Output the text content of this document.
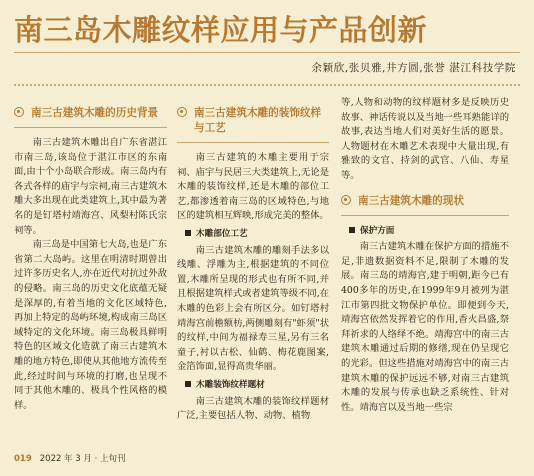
南三岛木雕纹样应用与产品创新
余颖欣,张贝雅,井方圆,张誉 湛江科技学院
南三古建筑木雕的历史背景

南三古建筑木雕出自广东省湛江市南三岛,该岛位于湛江市区的东南面,由十个小岛联合形成。南三岛内有各式各样的庙宇与宗祠,南三古建筑木雕大多出现在此类建筑上,其中最为著名的是钉塔村靖海宫、风梨村陈氏宗祠等。

南三岛是中国第七大岛,也是广东省第二大岛屿。这里在明清时期曾出过许多历史名人,亦在近代对抗过外敌的侵略。南三岛的历史文化底蕴无疑是深厚的,有着当地的文化区域特色,再加上特定的岛屿环境,构成南三岛区域特定的文化环境。南三岛极具鲜明特色的区域文化造就了南三古建筑木雕的地方特色,即使从其他地方流传至此,经过时间与环境的打磨,也呈现不同于其他木雕的、极具个性风格的模样。

南三古建筑木雕的装饰纹样与工艺

南三古建筑的木雕主要用于宗祠、庙宇与民居三大类建筑上,无论是木雕的装饰纹样,还是木雕的部位工艺,都渗透着南三岛的区域特色,与地区的建筑相互辉映,形成完美的整体。

木雕部位工艺

南三古建筑木雕的雕刻手法多以线雕、浮雕为主,根据建筑的不同位置,木雕所呈现的形式也有所不同,并且根据建筑样式或者建筑等级不同,在木雕的色彩上会有所区分。如钉塔村靖海宫前檐额枋,两侧雕刻有"虾须"状的纹样,中间为福禄寿三星,另有三名童子,衬以古松、仙鹤、梅花鹿图案,金箔饰面,显得高贵华丽。

木雕装饰纹样题材

南三古建筑木雕的装饰纹样题材广泛,主要包括人物、动物、植物

等,人物和动物的纹样题材多是反映历史故事、神话传说以及当地一些耳熟能详的故事,表达当地人们对美好生活的愿景。人物题材在木雕艺术表现中大量出现,有雅致的文官、持剑的武官、八仙、寿星等。

南三古建筑木雕的现状
保护方面

南三古建筑木雕在保护方面的措施不足,非遗数据资料不足,限制了木雕的发展。南三岛的靖海宫,建于明朝,距今已有400多年的历史,在1999年9月被列为湛江市第四批文物保护单位。即便到今天,靖海宫依然发挥着它的作用,香火昌盛,祭拜祈求的人络绎不绝。靖海宫中的南三古建筑木雕通过后期的修缮,现在仍呈现它的光彩。但这些措施对靖海宫中的南三古建筑木雕的保护远远不够,对南三古建筑木雕的发展与传承也缺乏系统性、针对性。靖海宫以及当地一些宗

019 2022 年 3 月 · 上旬刊
